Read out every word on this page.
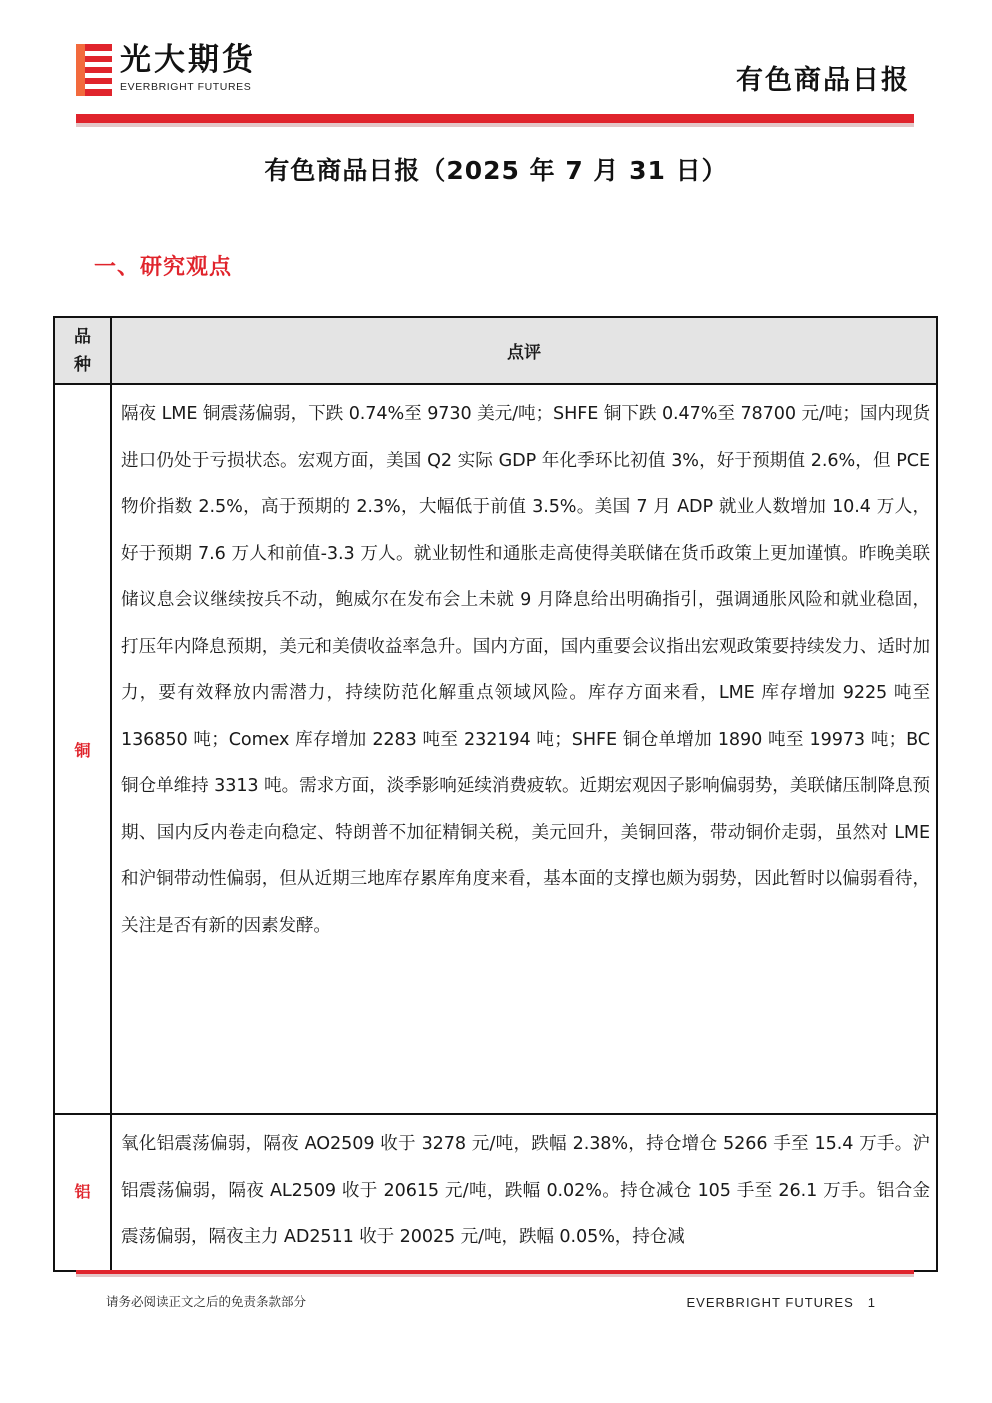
光大期货
EVERBRIGHT FUTURES	有色商品日报
有色商品日报（2025 年 7 月 31 日）
一、研究观点
品
种
点评
铜

隔夜 LME 铜震荡偏弱，下跌 0.74%至 9730 美元/吨；SHFE 铜下跌 0.47%至 78700 元/吨；国内现货进口仍处于亏损状态。宏观方面，美国 Q2 实际 GDP 年化季环比初值 3%，好于预期值 2.6%，但 PCE 物价指数 2.5%，高于预期的 2.3%，大幅低于前值 3.5%。美国 7 月 ADP 就业人数增加 10.4 万人，好于预期 7.6 万人和前值-3.3 万人。就业韧性和通胀走高使得美联储在货币政策上更加谨慎。昨晚美联储议息会议继续按兵不动，鲍威尔在发布会上未就 9 月降息给出明确指引，强调通胀风险和就业稳固，打压年内降息预期，美元和美债收益率急升。国内方面，国内重要会议指出宏观政策要持续发力、适时加力，要有效释放内需潜力，持续防范化解重点领域风险。库存方面来看，LME 库存增加 9225 吨至 136850 吨；Comex 库存增加 2283 吨至 232194 吨；SHFE 铜仓单增加 1890 吨至 19973 吨；BC 铜仓单维持 3313 吨。需求方面，淡季影响延续消费疲软。近期宏观因子影响偏弱势，美联储压制降息预期、国内反内卷走向稳定、特朗普不加征精铜关税，美元回升，美铜回落，带动铜价走弱，虽然对 LME 和沪铜带动性偏弱，但从近期三地库存累库角度来看，基本面的支撑也颇为弱势，因此暂时以偏弱看待，关注是否有新的因素发酵。

铝

氧化铝震荡偏弱，隔夜 AO2509 收于 3278 元/吨，跌幅 2.38%，持仓增仓 5266 手至 15.4 万手。沪铝震荡偏弱，隔夜 AL2509 收于 20615 元/吨，跌幅 0.02%。持仓减仓 105 手至 26.1 万手。铝合金震荡偏弱，隔夜主力 AD2511 收于 20025 元/吨，跌幅 0.05%，持仓减

请务必阅读正文之后的免责条款部分	EVERBRIGHT FUTURES　1
